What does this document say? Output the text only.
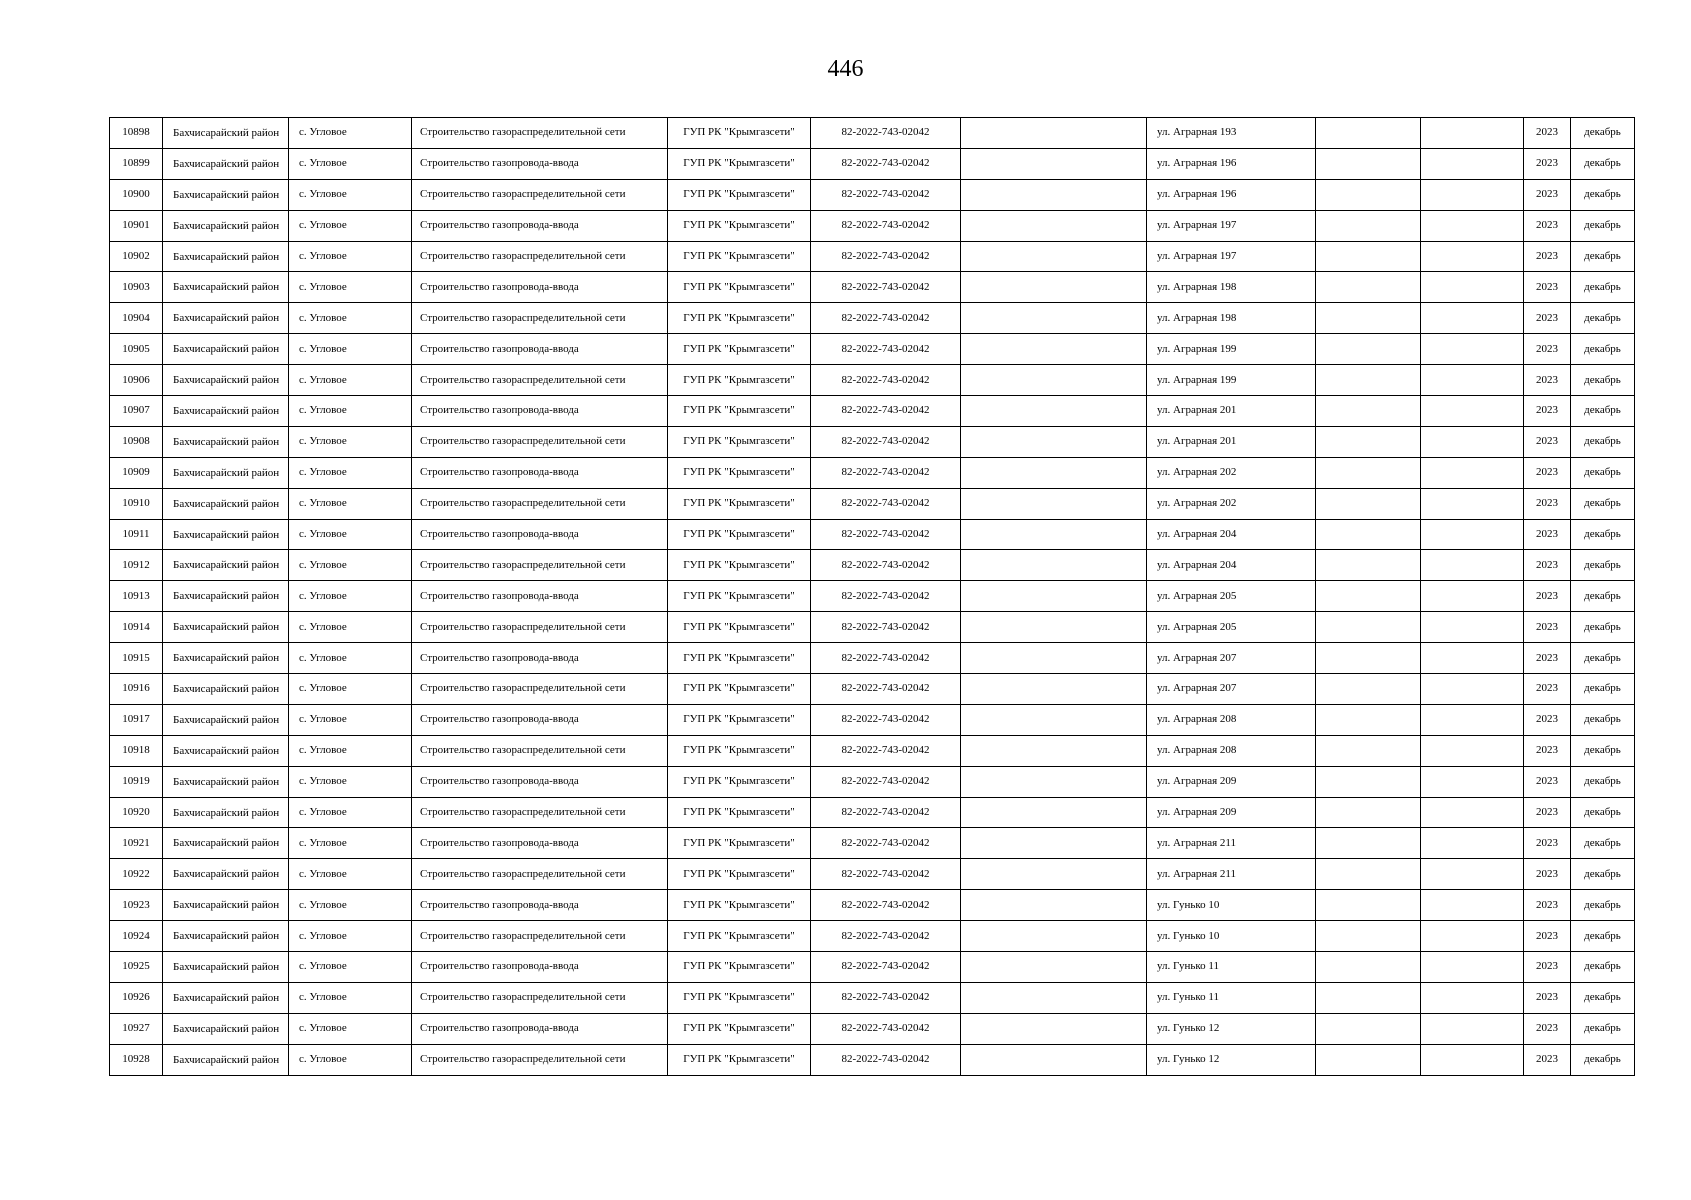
446
10898	Бахчисарайский район	с. Угловое	Строительство газораспределительной сети	ГУП РК "Крымгазсети"	82-2022-743-02042		ул. Аграрная 193			2023	декабрь
10899	Бахчисарайский район	с. Угловое	Строительство газопровода-ввода	ГУП РК "Крымгазсети"	82-2022-743-02042		ул. Аграрная 196			2023	декабрь
10900	Бахчисарайский район	с. Угловое	Строительство газораспределительной сети	ГУП РК "Крымгазсети"	82-2022-743-02042		ул. Аграрная 196			2023	декабрь
10901	Бахчисарайский район	с. Угловое	Строительство газопровода-ввода	ГУП РК "Крымгазсети"	82-2022-743-02042		ул. Аграрная 197			2023	декабрь
10902	Бахчисарайский район	с. Угловое	Строительство газораспределительной сети	ГУП РК "Крымгазсети"	82-2022-743-02042		ул. Аграрная 197			2023	декабрь
10903	Бахчисарайский район	с. Угловое	Строительство газопровода-ввода	ГУП РК "Крымгазсети"	82-2022-743-02042		ул. Аграрная 198			2023	декабрь
10904	Бахчисарайский район	с. Угловое	Строительство газораспределительной сети	ГУП РК "Крымгазсети"	82-2022-743-02042		ул. Аграрная 198			2023	декабрь
10905	Бахчисарайский район	с. Угловое	Строительство газопровода-ввода	ГУП РК "Крымгазсети"	82-2022-743-02042		ул. Аграрная 199			2023	декабрь
10906	Бахчисарайский район	с. Угловое	Строительство газораспределительной сети	ГУП РК "Крымгазсети"	82-2022-743-02042		ул. Аграрная 199			2023	декабрь
10907	Бахчисарайский район	с. Угловое	Строительство газопровода-ввода	ГУП РК "Крымгазсети"	82-2022-743-02042		ул. Аграрная 201			2023	декабрь
10908	Бахчисарайский район	с. Угловое	Строительство газораспределительной сети	ГУП РК "Крымгазсети"	82-2022-743-02042		ул. Аграрная 201			2023	декабрь
10909	Бахчисарайский район	с. Угловое	Строительство газопровода-ввода	ГУП РК "Крымгазсети"	82-2022-743-02042		ул. Аграрная 202			2023	декабрь
10910	Бахчисарайский район	с. Угловое	Строительство газораспределительной сети	ГУП РК "Крымгазсети"	82-2022-743-02042		ул. Аграрная 202			2023	декабрь
10911	Бахчисарайский район	с. Угловое	Строительство газопровода-ввода	ГУП РК "Крымгазсети"	82-2022-743-02042		ул. Аграрная 204			2023	декабрь
10912	Бахчисарайский район	с. Угловое	Строительство газораспределительной сети	ГУП РК "Крымгазсети"	82-2022-743-02042		ул. Аграрная 204			2023	декабрь
10913	Бахчисарайский район	с. Угловое	Строительство газопровода-ввода	ГУП РК "Крымгазсети"	82-2022-743-02042		ул. Аграрная 205			2023	декабрь
10914	Бахчисарайский район	с. Угловое	Строительство газораспределительной сети	ГУП РК "Крымгазсети"	82-2022-743-02042		ул. Аграрная 205			2023	декабрь
10915	Бахчисарайский район	с. Угловое	Строительство газопровода-ввода	ГУП РК "Крымгазсети"	82-2022-743-02042		ул. Аграрная 207			2023	декабрь
10916	Бахчисарайский район	с. Угловое	Строительство газораспределительной сети	ГУП РК "Крымгазсети"	82-2022-743-02042		ул. Аграрная 207			2023	декабрь
10917	Бахчисарайский район	с. Угловое	Строительство газопровода-ввода	ГУП РК "Крымгазсети"	82-2022-743-02042		ул. Аграрная 208			2023	декабрь
10918	Бахчисарайский район	с. Угловое	Строительство газораспределительной сети	ГУП РК "Крымгазсети"	82-2022-743-02042		ул. Аграрная 208			2023	декабрь
10919	Бахчисарайский район	с. Угловое	Строительство газопровода-ввода	ГУП РК "Крымгазсети"	82-2022-743-02042		ул. Аграрная 209			2023	декабрь
10920	Бахчисарайский район	с. Угловое	Строительство газораспределительной сети	ГУП РК "Крымгазсети"	82-2022-743-02042		ул. Аграрная 209			2023	декабрь
10921	Бахчисарайский район	с. Угловое	Строительство газопровода-ввода	ГУП РК "Крымгазсети"	82-2022-743-02042		ул. Аграрная 211			2023	декабрь
10922	Бахчисарайский район	с. Угловое	Строительство газораспределительной сети	ГУП РК "Крымгазсети"	82-2022-743-02042		ул. Аграрная 211			2023	декабрь
10923	Бахчисарайский район	с. Угловое	Строительство газопровода-ввода	ГУП РК "Крымгазсети"	82-2022-743-02042		ул. Гунько 10			2023	декабрь
10924	Бахчисарайский район	с. Угловое	Строительство газораспределительной сети	ГУП РК "Крымгазсети"	82-2022-743-02042		ул. Гунько 10			2023	декабрь
10925	Бахчисарайский район	с. Угловое	Строительство газопровода-ввода	ГУП РК "Крымгазсети"	82-2022-743-02042		ул. Гунько 11			2023	декабрь
10926	Бахчисарайский район	с. Угловое	Строительство газораспределительной сети	ГУП РК "Крымгазсети"	82-2022-743-02042		ул. Гунько 11			2023	декабрь
10927	Бахчисарайский район	с. Угловое	Строительство газопровода-ввода	ГУП РК "Крымгазсети"	82-2022-743-02042		ул. Гунько 12			2023	декабрь
10928	Бахчисарайский район	с. Угловое	Строительство газораспределительной сети	ГУП РК "Крымгазсети"	82-2022-743-02042		ул. Гунько 12			2023	декабрь
